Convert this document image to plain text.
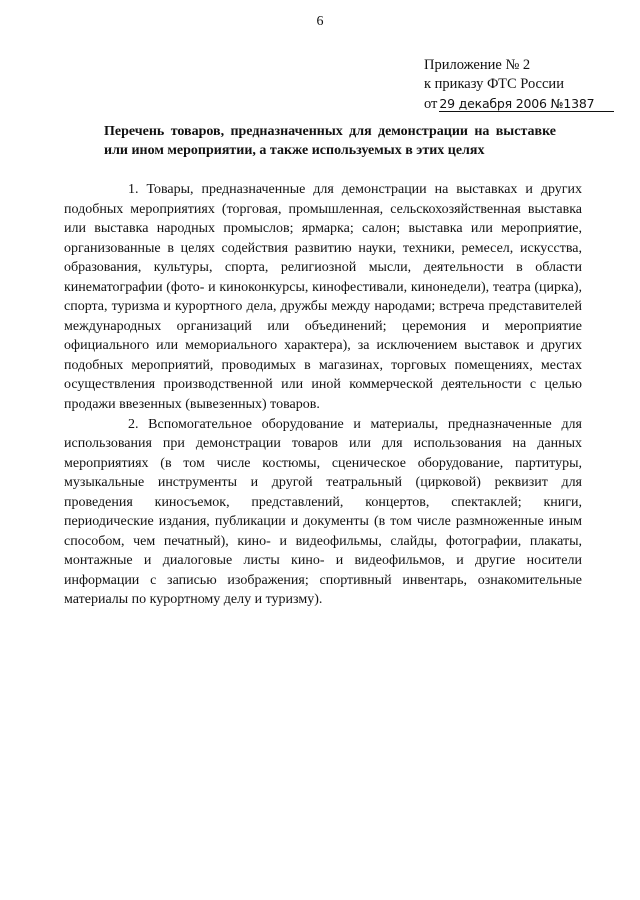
6
Приложение № 2
к приказу ФТС России
от 29 декабря 2006 №1387
Перечень товаров, предназначенных для демонстрации на выставке или ином мероприятии, а также используемых в этих целях

1. Товары, предназначенные для демонстрации на выставках и других подобных мероприятиях (торговая, промышленная, сельскохозяйственная выставка или выставка народных промыслов; ярмарка; салон; выставка или мероприятие, организованные в целях содействия развитию науки, техники, ремесел, искусства, образования, культуры, спорта, религиозной мысли, деятельности в области кинематографии (фото- и киноконкурсы, кинофестивали, кинонедели), театра (цирка), спорта, туризма и курортного дела, дружбы между народами; встреча представителей международных организаций или объединений; церемония и мероприятие официального или мемориального характера), за исключением выставок и других подобных мероприятий, проводимых в магазинах, торговых помещениях, местах осуществления производственной или иной коммерческой деятельности с целью продажи ввезенных (вывезенных) товаров.

2. Вспомогательное оборудование и материалы, предназначенные для использования при демонстрации товаров или для использования на данных мероприятиях (в том числе костюмы, сценическое оборудование, партитуры, музыкальные инструменты и другой театральный (цирковой) реквизит для проведения киносъемок, представлений, концертов, спектаклей; книги, периодические издания, публикации и документы (в том числе размноженные иным способом, чем печатный), кино- и видеофильмы, слайды, фотографии, плакаты, монтажные и диалоговые листы кино- и видеофильмов, и другие носители информации с записью изображения; спортивный инвентарь, ознакомительные материалы по курортному делу и туризму).
